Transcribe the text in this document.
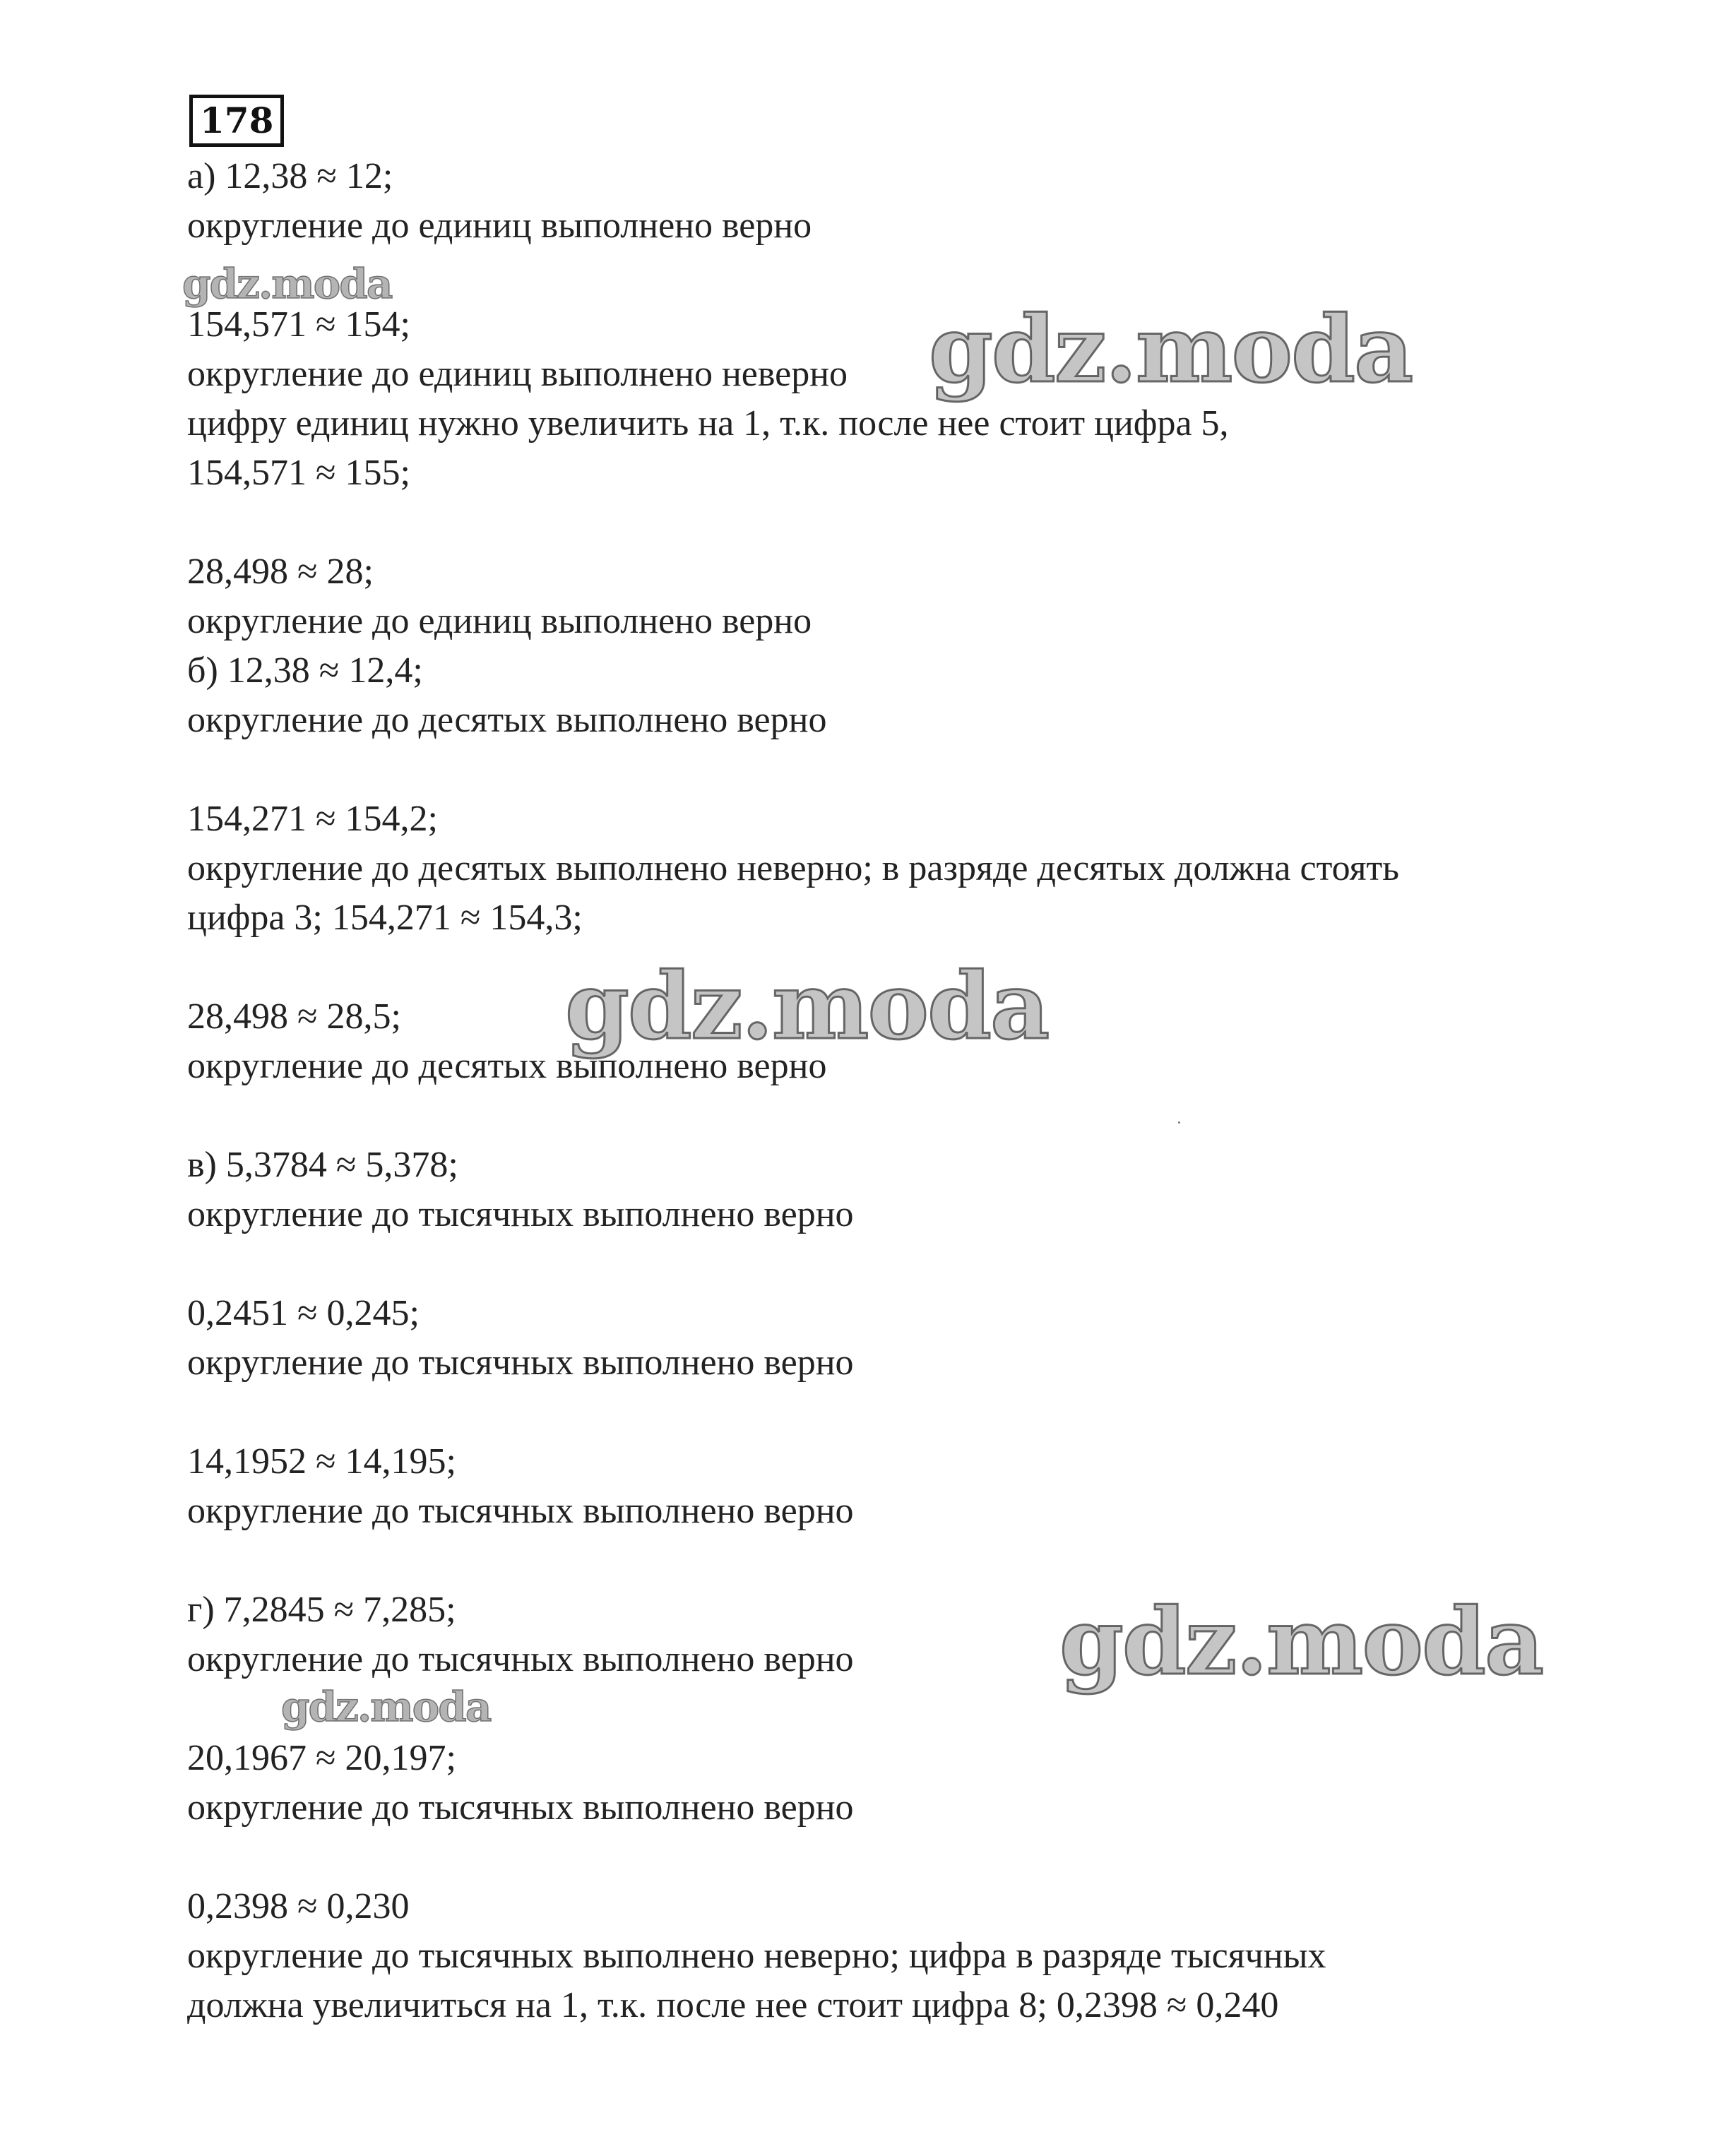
178
а) 12,38 ≈ 12;
округление до единиц выполнено верно
154,571 ≈ 154;
округление до единиц выполнено неверно
цифру единиц нужно увеличить на 1, т.к. после нее стоит цифра 5,
154,571 ≈ 155;
28,498 ≈ 28;
округление до единиц выполнено верно
б) 12,38 ≈ 12,4;
округление до десятых выполнено верно
154,271 ≈ 154,2;
округление до десятых выполнено неверно; в разряде десятых должна стоять
цифра 3; 154,271 ≈ 154,3;
28,498 ≈ 28,5;
округление до десятых выполнено верно
в) 5,3784 ≈ 5,378;
округление до тысячных выполнено верно
0,2451 ≈ 0,245;
округление до тысячных выполнено верно
14,1952 ≈ 14,195;
округление до тысячных выполнено верно
г) 7,2845 ≈ 7,285;
округление до тысячных выполнено верно
20,1967 ≈ 20,197;
округление до тысячных выполнено верно
0,2398 ≈ 0,230
округление до тысячных выполнено неверно; цифра в разряде тысячных
должна увеличиться на 1, т.к. после нее стоит цифра 8; 0,2398 ≈ 0,240
gdz.moda
gdz.moda
gdz.moda
gdz.moda
gdz.moda
